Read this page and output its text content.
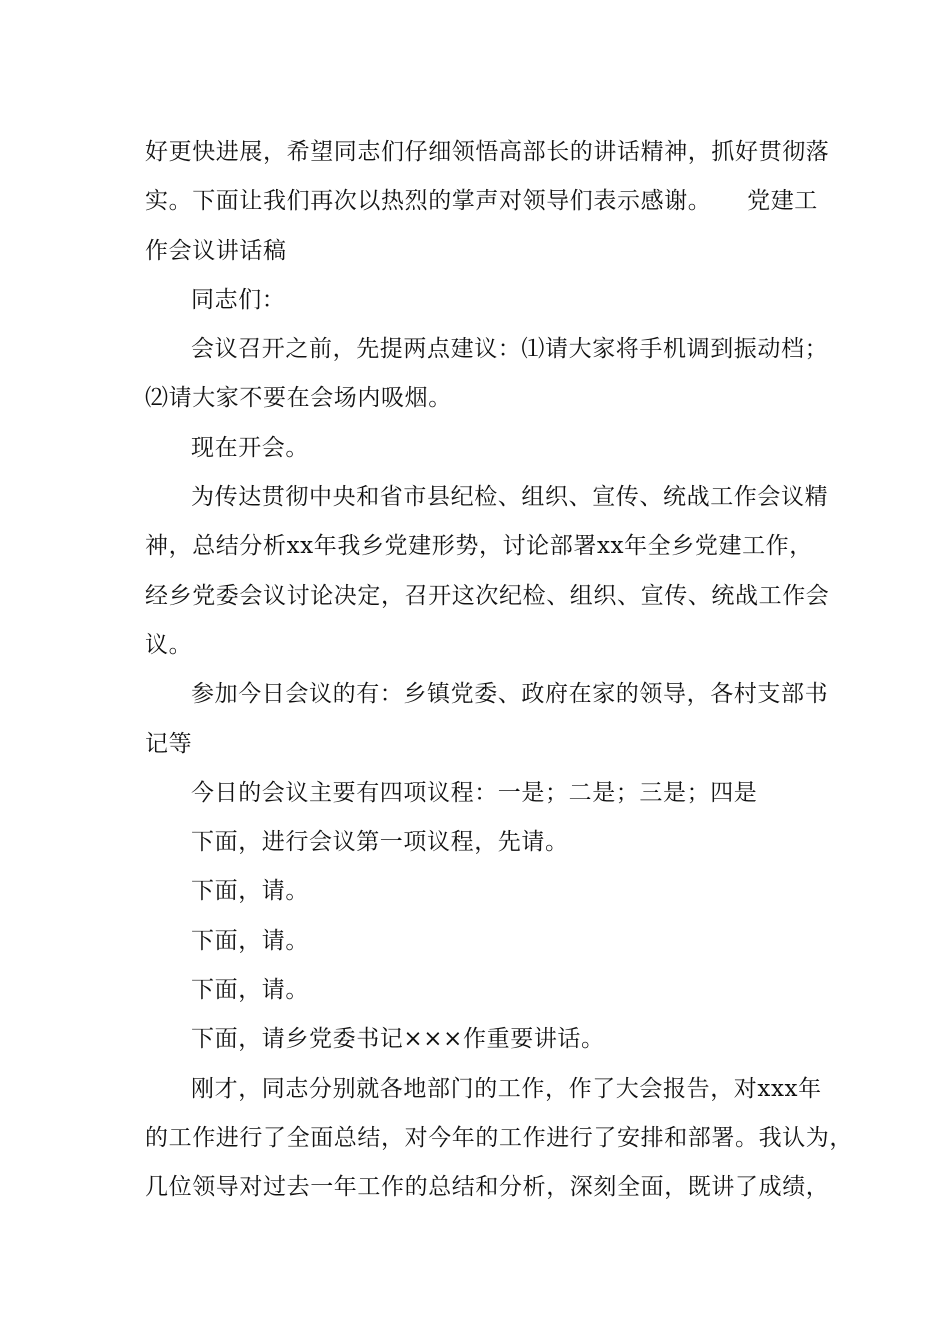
好更快进展，希望同志们仔细领悟高部长的讲话精神，抓好贯彻落
实。下面让我们再次以热烈的掌声对领导们表示感谢。　　党建工
作会议讲话稿
同志们：
会议召开之前，先提两点建议：⑴请大家将手机调到振动档；
⑵请大家不要在会场内吸烟。
现在开会。
为传达贯彻中央和省市县纪检、组织、宣传、统战工作会议精
神，总结分析xx年我乡党建形势，讨论部署xx年全乡党建工作，
经乡党委会议讨论决定，召开这次纪检、组织、宣传、统战工作会
议。
参加今日会议的有：乡镇党委、政府在家的领导，各村支部书
记等
今日的会议主要有四项议程：一是；二是；三是；四是
下面，进行会议第一项议程，先请。
下面，请。
下面，请。
下面，请。
下面，请乡党委书记×××作重要讲话。
刚才，同志分别就各地部门的工作，作了大会报告，对xxx年
的工作进行了全面总结，对今年的工作进行了安排和部署。我认为，
几位领导对过去一年工作的总结和分析，深刻全面，既讲了成绩，
